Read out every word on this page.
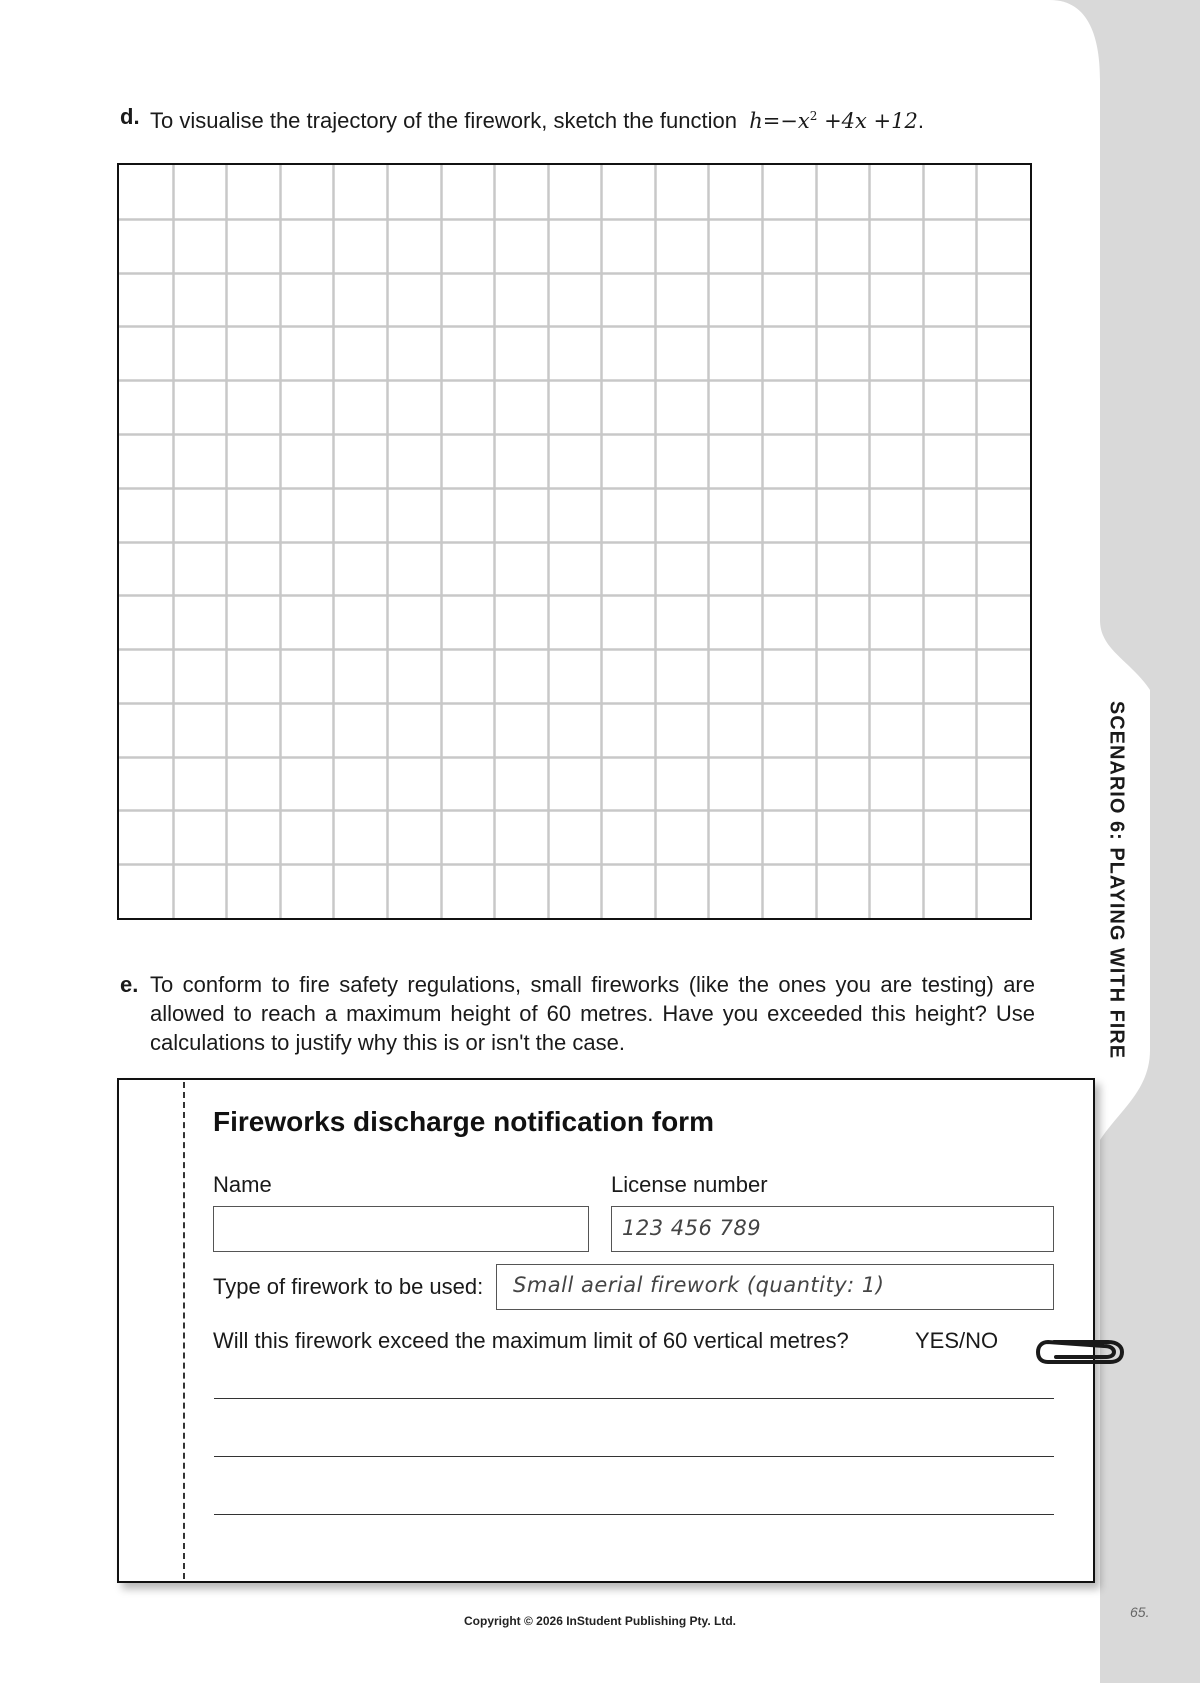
SCENARIO 6: PLAYING WITH FIRE
d. To visualise the trajectory of the firework, sketch the function $h=-x^2 +4x +12$.
e. To conform to fire safety regulations, small fireworks (like the ones you are testing) are allowed to reach a maximum height of 60 metres. Have you exceeded this height? Use calculations to justify why this is or isn't the case.
Fireworks discharge notification form
Name	License number
123 456 789
Type of firework to be used: Small aerial firework (quantity: 1)
Will this firework exceed the maximum limit of 60 vertical metres?	YES/NO
Copyright © 2026 InStudent Publishing Pty. Ltd.
65.
